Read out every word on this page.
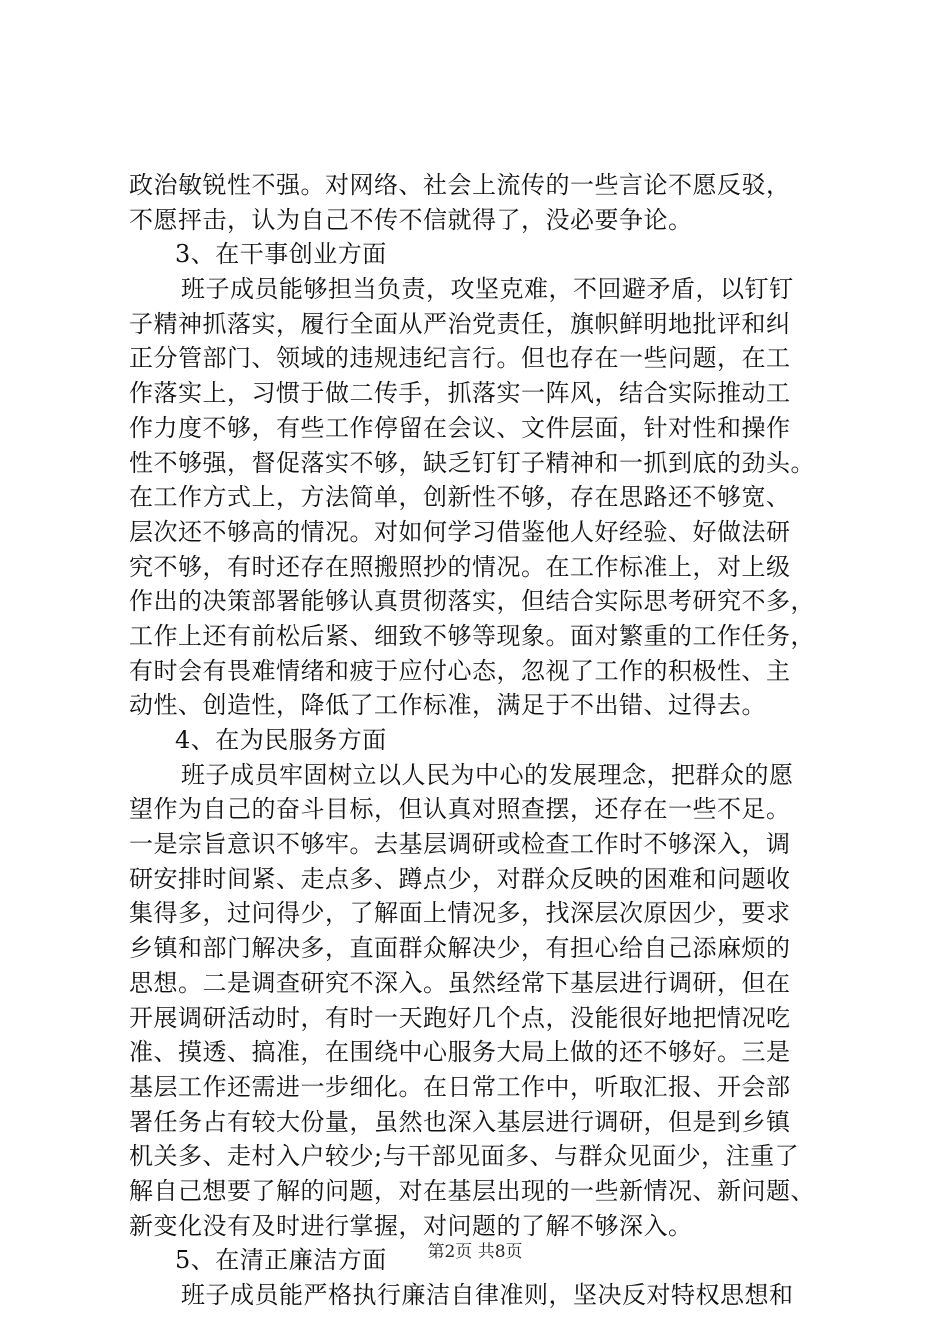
政治敏锐性不强。对网络、社会上流传的一些言论不愿反驳，
不愿抨击，认为自己不传不信就得了，没必要争论。
3、在干事创业方面
班子成员能够担当负责，攻坚克难，不回避矛盾，以钉钉
子精神抓落实，履行全面从严治党责任，旗帜鲜明地批评和纠
正分管部门、领域的违规违纪言行。但也存在一些问题，在工
作落实上，习惯于做二传手，抓落实一阵风，结合实际推动工
作力度不够，有些工作停留在会议、文件层面，针对性和操作
性不够强，督促落实不够，缺乏钉钉子精神和一抓到底的劲头。
在工作方式上，方法简单，创新性不够，存在思路还不够宽、
层次还不够高的情况。对如何学习借鉴他人好经验、好做法研
究不够，有时还存在照搬照抄的情况。在工作标准上，对上级
作出的决策部署能够认真贯彻落实，但结合实际思考研究不多，
工作上还有前松后紧、细致不够等现象。面对繁重的工作任务，
有时会有畏难情绪和疲于应付心态，忽视了工作的积极性、主
动性、创造性，降低了工作标准，满足于不出错、过得去。
4、在为民服务方面
班子成员牢固树立以人民为中心的发展理念，把群众的愿
望作为自己的奋斗目标，但认真对照查摆，还存在一些不足。
一是宗旨意识不够牢。去基层调研或检查工作时不够深入，调
研安排时间紧、走点多、蹲点少，对群众反映的困难和问题收
集得多，过问得少，了解面上情况多，找深层次原因少，要求
乡镇和部门解决多，直面群众解决少，有担心给自己添麻烦的
思想。二是调查研究不深入。虽然经常下基层进行调研，但在
开展调研活动时，有时一天跑好几个点，没能很好地把情况吃
准、摸透、搞准，在围绕中心服务大局上做的还不够好。三是
基层工作还需进一步细化。在日常工作中，听取汇报、开会部
署任务占有较大份量，虽然也深入基层进行调研，但是到乡镇
机关多、走村入户较少;与干部见面多、与群众见面少，注重了
解自己想要了解的问题，对在基层出现的一些新情况、新问题、
新变化没有及时进行掌握，对问题的了解不够深入。
5、在清正廉洁方面
班子成员能严格执行廉洁自律准则，坚决反对特权思想和
第2页 共8页
